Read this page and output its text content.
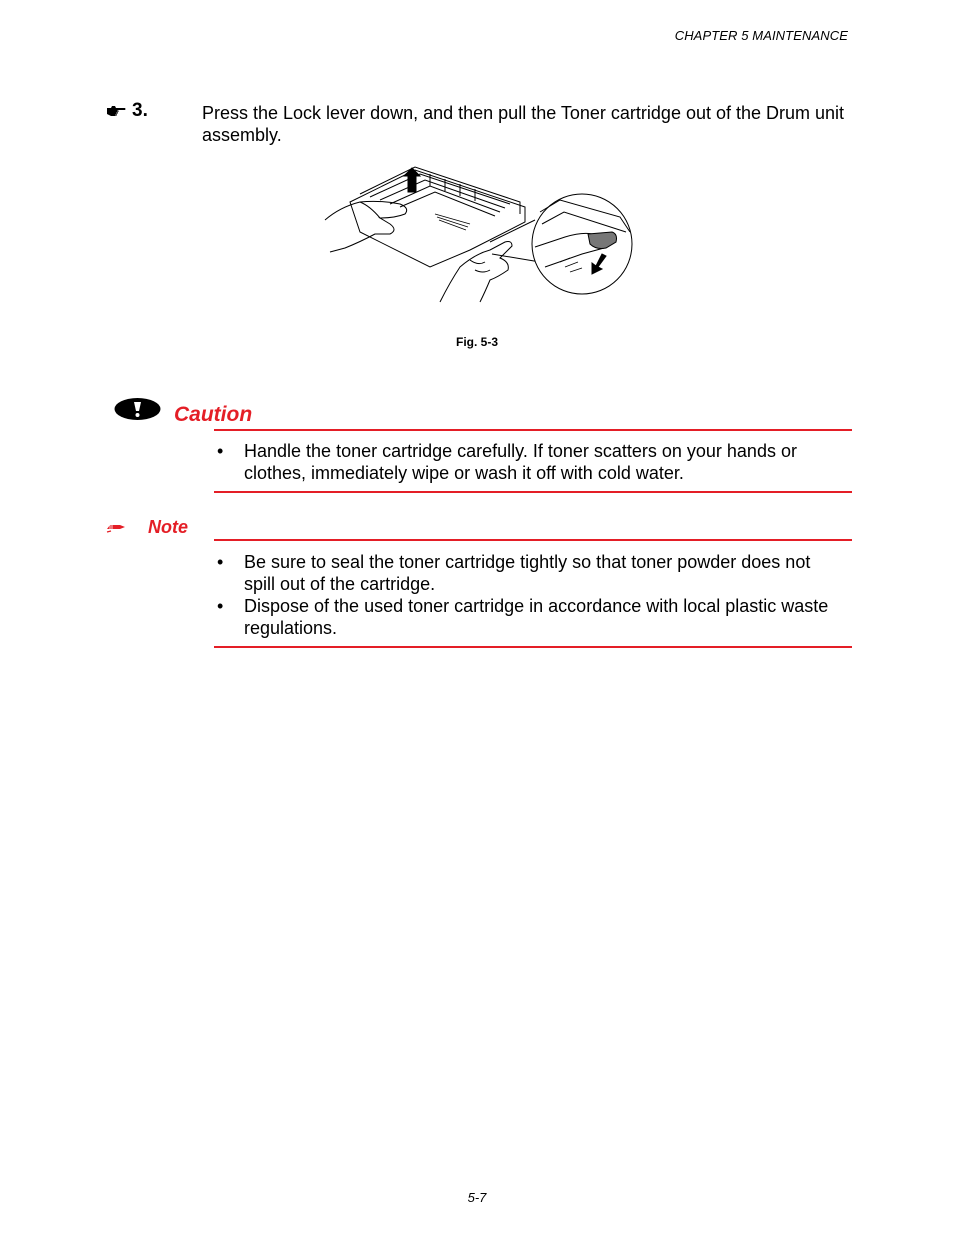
CHAPTER 5 MAINTENANCE
3.	Press the Lock lever down, and then pull the Toner cartridge out of the Drum unit assembly.
Fig. 5-3
Caution
• Handle the toner cartridge carefully. If toner scatters on your hands or clothes, immediately wipe or wash it off with cold water.
Note
• Be sure to seal the toner cartridge tightly so that toner powder does not spill out of the cartridge.
• Dispose of the used toner cartridge in accordance with local plastic waste regulations.
5-7
